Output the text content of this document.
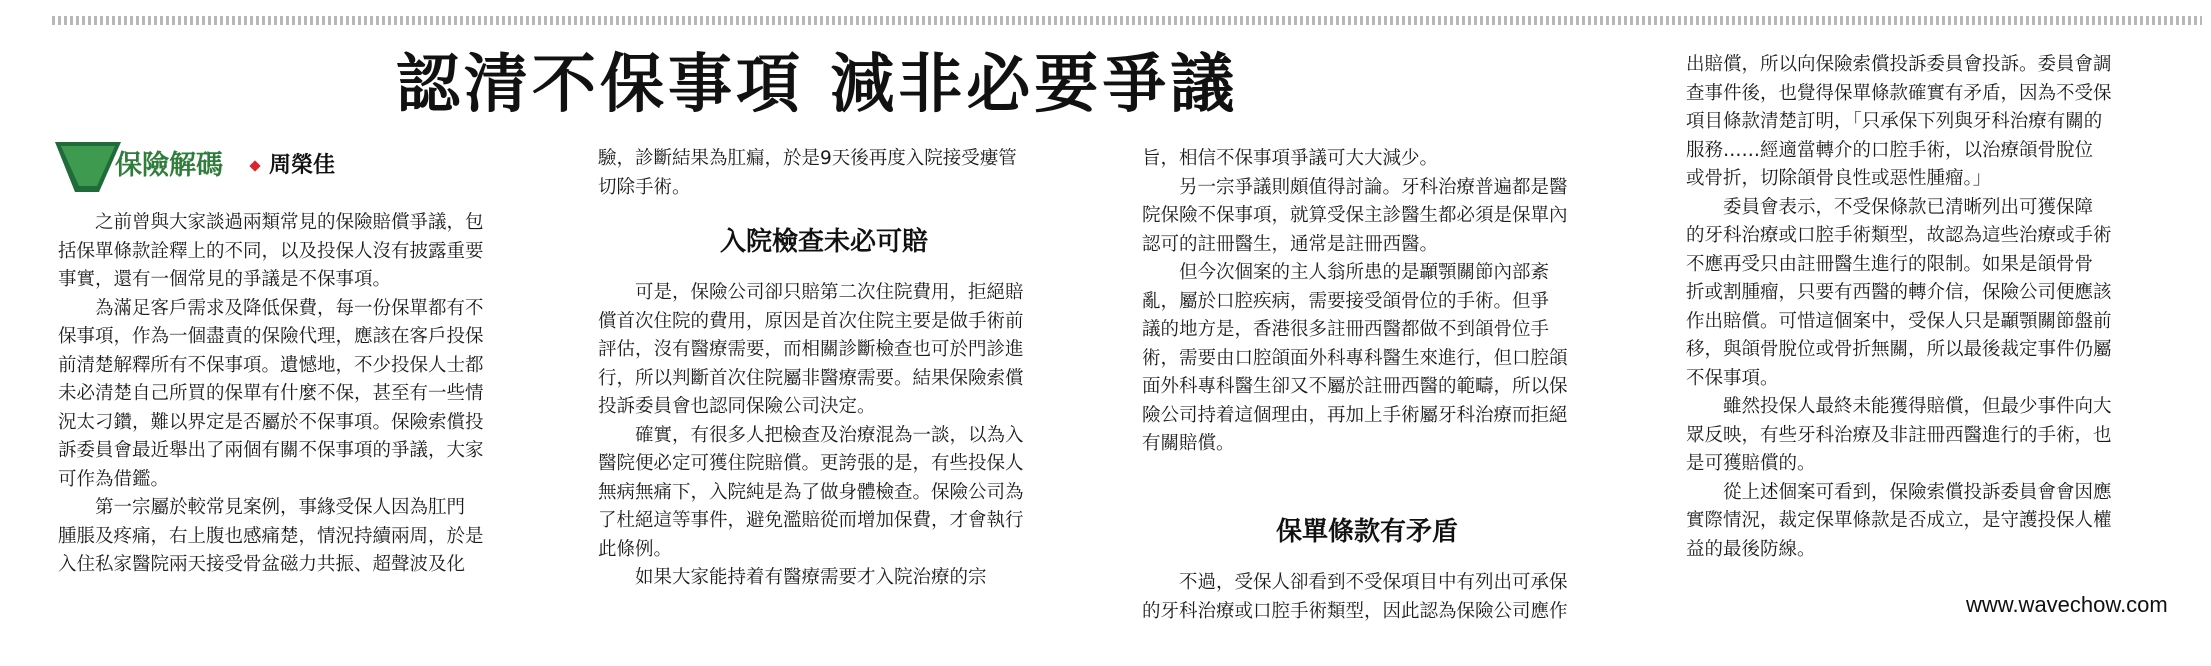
認清不保事項 減非必要爭議
保險解碼 周榮佳
　　之前曾與大家談過兩類常見的保險賠償爭議，包
括保單條款詮釋上的不同，以及投保人沒有披露重要
事實，還有一個常見的爭議是不保事項。
　　為滿足客戶需求及降低保費，每一份保單都有不
保事項，作為一個盡責的保險代理，應該在客戶投保
前清楚解釋所有不保事項。遺憾地，不少投保人士都
未必清楚自己所買的保單有什麼不保，甚至有一些情
況太刁鑽，難以界定是否屬於不保事項。保險索償投
訴委員會最近舉出了兩個有關不保事項的爭議，大家
可作為借鑑。
　　第一宗屬於較常見案例，事緣受保人因為肛門
腫脹及疼痛，右上腹也感痛楚，情況持續兩周，於是
入住私家醫院兩天接受骨盆磁力共振、超聲波及化
入院檢查未必可賠
驗，診斷結果為肛瘺，於是9天後再度入院接受瘻管
切除手術。
　　可是，保險公司卻只賠第二次住院費用，拒絕賠
償首次住院的費用，原因是首次住院主要是做手術前
評估，沒有醫療需要，而相關診斷檢查也可於門診進
行，所以判斷首次住院屬非醫療需要。結果保險索償
投訴委員會也認同保險公司決定。
　　確實，有很多人把檢查及治療混為一談，以為入
醫院便必定可獲住院賠償。更誇張的是，有些投保人
無病無痛下，入院純是為了做身體檢查。保險公司為
了杜絕這等事件，避免濫賠從而增加保費，才會執行
此條例。
　　如果大家能持着有醫療需要才入院治療的宗
保單條款有矛盾
旨，相信不保事項爭議可大大減少。
　　另一宗爭議則頗值得討論。牙科治療普遍都是醫
院保險不保事項，就算受保主診醫生都必須是保單內
認可的註冊醫生，通常是註冊西醫。
　　但今次個案的主人翁所患的是顳顎關節內部紊
亂，屬於口腔疾病，需要接受頜骨位的手術。但爭
議的地方是，香港很多註冊西醫都做不到頜骨位手
術，需要由口腔頜面外科專科醫生來進行，但口腔頜
面外科專科醫生卻又不屬於註冊西醫的範疇，所以保
險公司持着這個理由，再加上手術屬牙科治療而拒絕
有關賠償。
　　不過，受保人卻看到不受保項目中有列出可承保
的牙科治療或口腔手術類型，因此認為保險公司應作
出賠償，所以向保險索償投訴委員會投訴。委員會調
查事件後，也覺得保單條款確實有矛盾，因為不受保
項目條款清楚訂明，「只承保下列與牙科治療有關的
服務……經適當轉介的口腔手術，以治療頜骨脫位
或骨折，切除頜骨良性或惡性腫瘤。」
　　委員會表示，不受保條款已清晰列出可獲保障
的牙科治療或口腔手術類型，故認為這些治療或手術
不應再受只由註冊醫生進行的限制。如果是頜骨骨
折或割腫瘤，只要有西醫的轉介信，保險公司便應該
作出賠償。可惜這個案中，受保人只是顳顎關節盤前
移，與頜骨脫位或骨折無關，所以最後裁定事件仍屬
不保事項。
　　雖然投保人最終未能獲得賠償，但最少事件向大
眾反映，有些牙科治療及非註冊西醫進行的手術，也
是可獲賠償的。
　　從上述個案可看到，保險索償投訴委員會會因應
實際情況，裁定保單條款是否成立，是守護投保人權
益的最後防線。
www.wavechow.com
